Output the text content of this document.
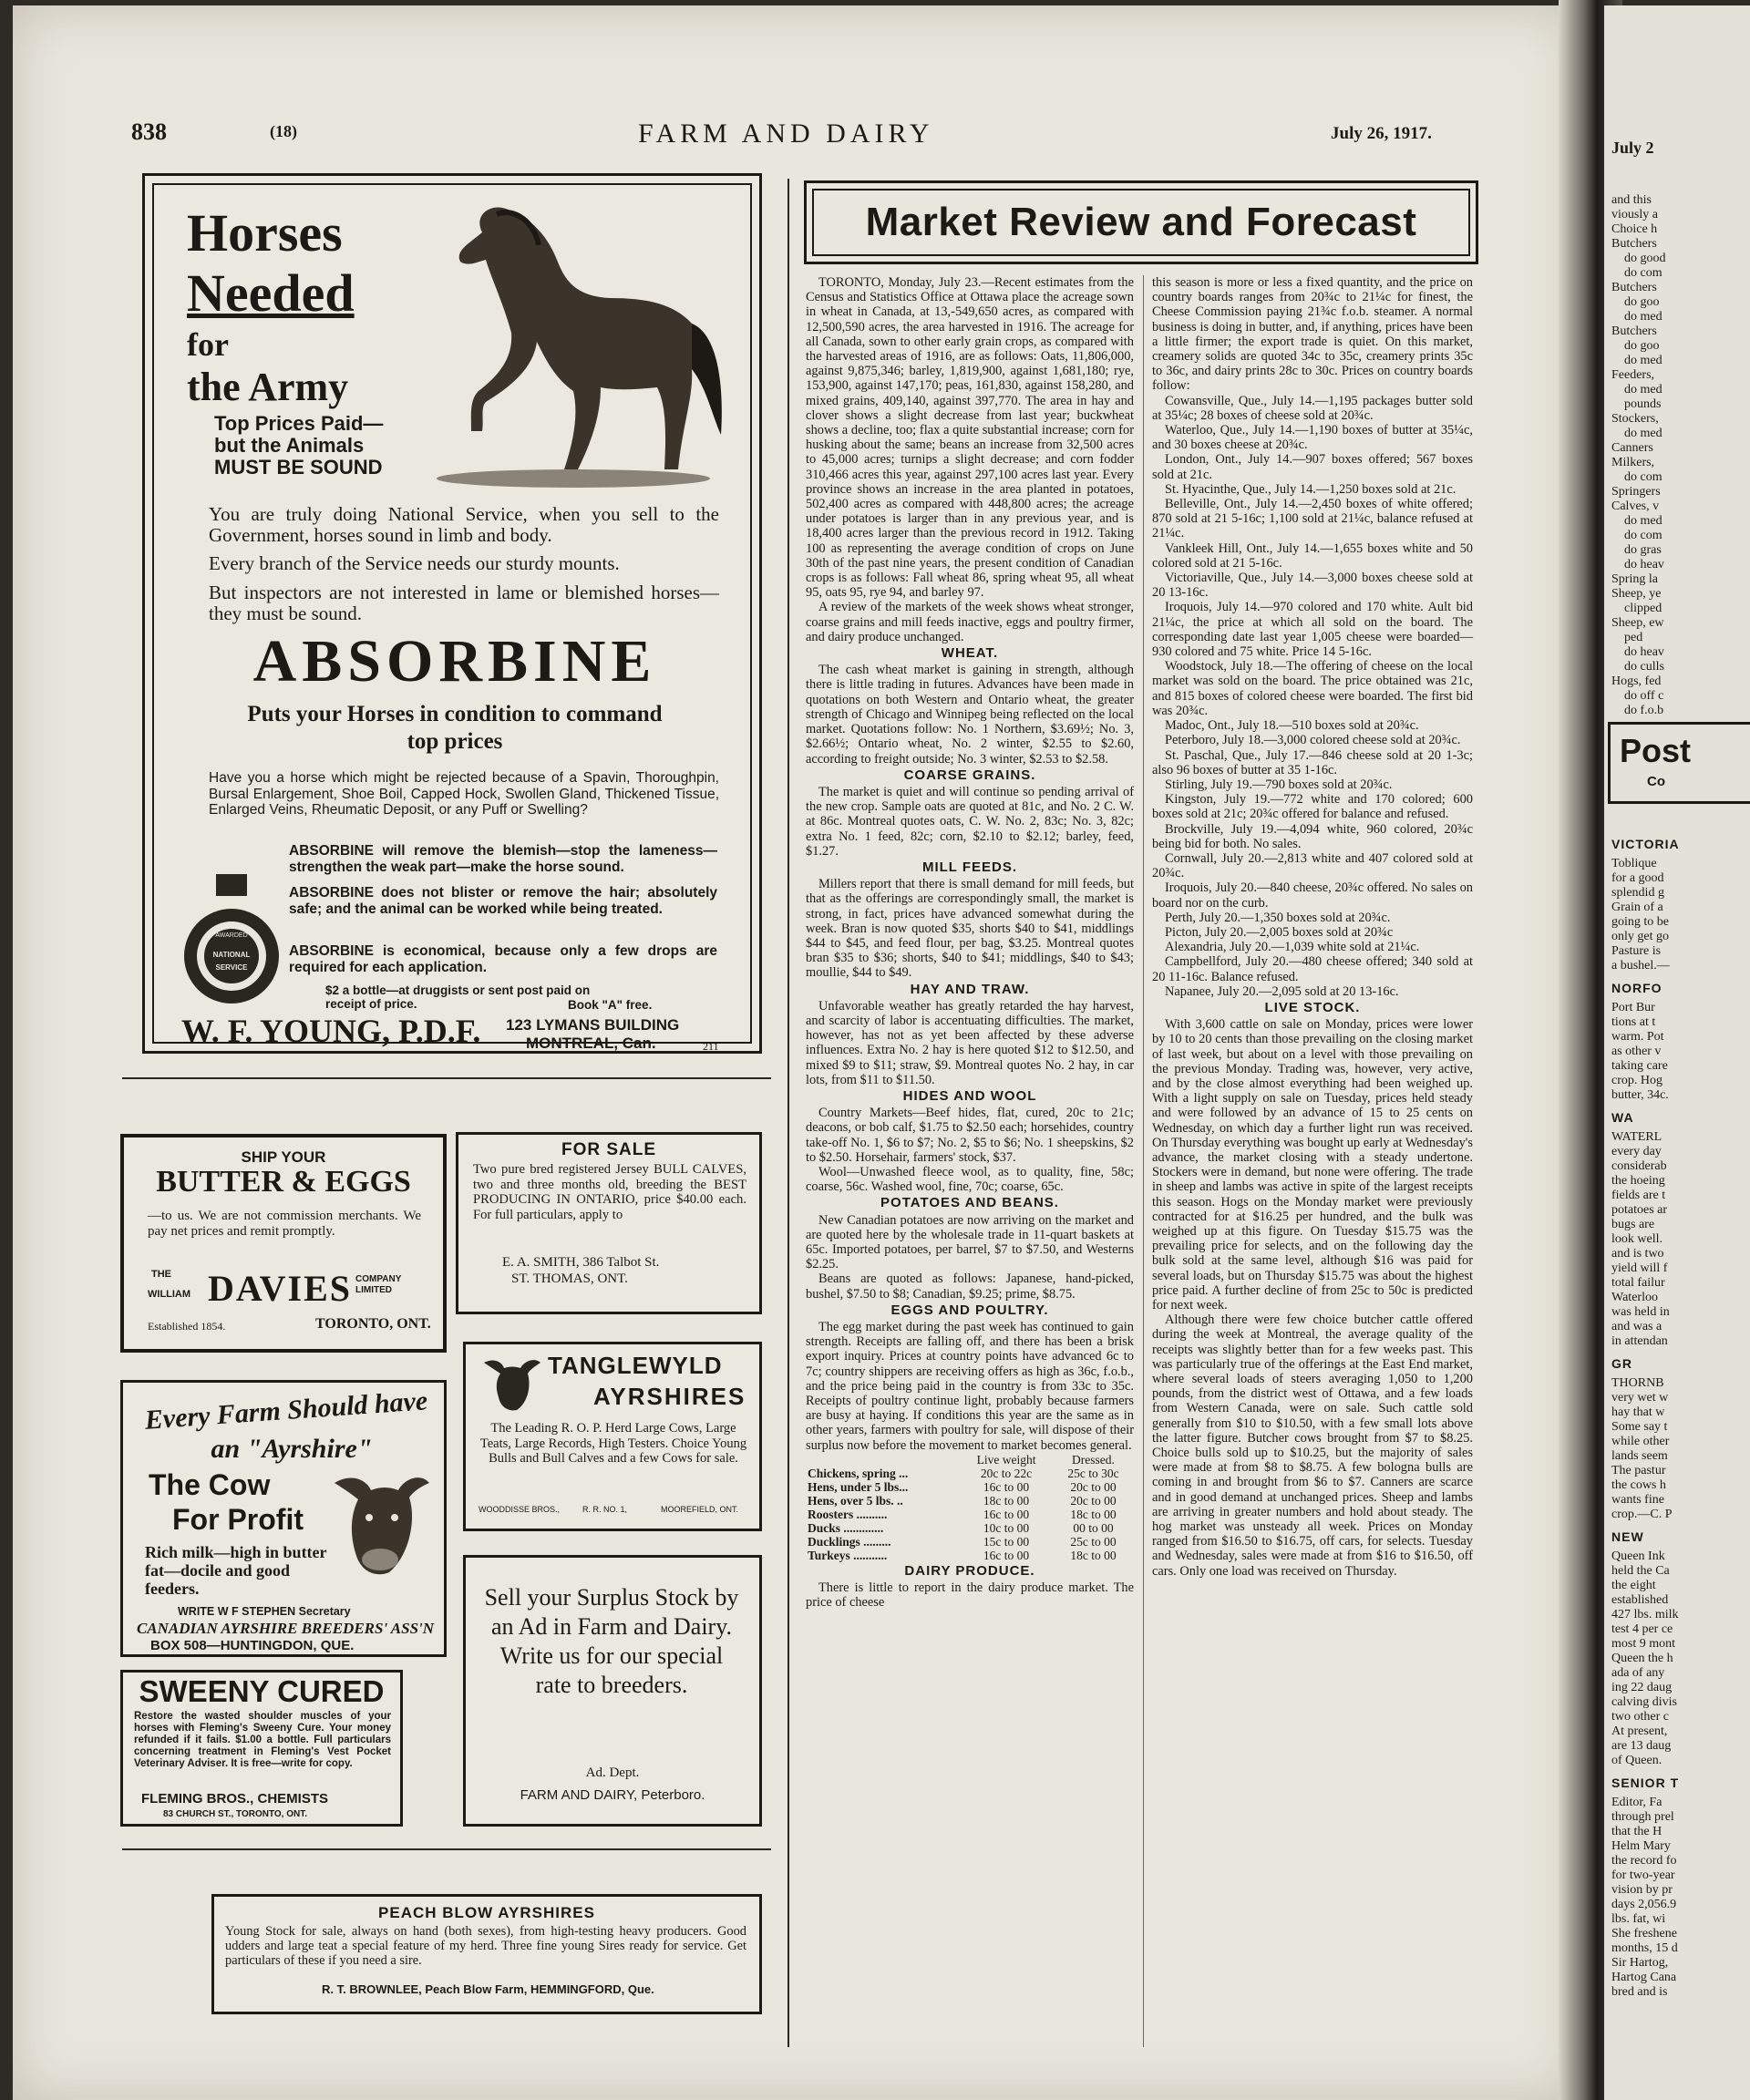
838	(18)	FARM AND DAIRY	July 26, 1917.
Horses
Needed
for
the Army
Top Prices Paid—
but the Animals
MUST BE SOUND
You are truly doing National Service, when you sell to the Government, horses sound in limb and body.
Every branch of the Service needs our sturdy mounts.
But inspectors are not interested in lame or blemished horses—they must be sound.
ABSORBINE
Puts your Horses in condition to command top prices
Have you a horse which might be rejected because of a Spavin, Thoroughpin, Bursal Enlargement, Shoe Boil, Capped Hock, Swollen Gland, Thickened Tissue, Enlarged Veins, Rheumatic Deposit, or any Puff or Swelling?
AWARDED
NATIONAL
SERVICE
ABSORBINE will remove the blemish—stop the lameness—strengthen the weak part—make the horse sound.
ABSORBINE does not blister or remove the hair; absolutely safe; and the animal can be worked while being treated.
ABSORBINE is economical, because only a few drops are required for each application.
$2 a bottle—at druggists or sent post paid on receipt of price.	Book "A" free.
W. F. YOUNG, P.D.F. 123 LYMANS BUILDING
MONTREAL, Can.	211
SHIP YOUR
BUTTER & EGGS
—to us. We are not commission merchants. We pay net prices and remit promptly.
THE
WILLIAM DAVIES COMPANY LIMITED
Established 1854.	TORONTO, ONT.
FOR SALE
Two pure bred registered Jersey BULL CALVES, two and three months old, breeding the BEST PRODUCING IN ONTARIO, price $40.00 each. For full particulars, apply to
E. A. SMITH, 386 Talbot St.
ST. THOMAS, ONT.
Every Farm Should have
an "Ayrshire"
The Cow
For Profit
Rich milk—high in butter fat—docile and good feeders.
WRITE W F STEPHEN Secretary
CANADIAN AYRSHIRE BREEDERS' ASS'N
BOX 508—HUNTINGDON, QUE.
TANGLEWYLD
AYRSHIRES
The Leading R. O. P. Herd Large Cows, Large Teats, Large Records, High Testers. Choice Young Bulls and Bull Calves and a few Cows for sale.
WOODDISSE BROS.,	R. R. NO. 1,	MOOREFIELD, ONT.
SWEENY CURED
Restore the wasted shoulder muscles of your horses with Fleming's Sweeny Cure. Your money refunded if it fails. $1.00 a bottle. Full particulars concerning treatment in Fleming's Vest Pocket Veterinary Adviser. It is free—write for copy.
FLEMING BROS., CHEMISTS
83 CHURCH ST., TORONTO, ONT.
Sell your Surplus Stock by an Ad in Farm and Dairy. Write us for our special rate to breeders.
Ad. Dept.
FARM AND DAIRY, Peterboro.
PEACH BLOW AYRSHIRES
Young Stock for sale, always on hand (both sexes), from high-testing heavy producers. Good udders and large teat a special feature of my herd. Three fine young Sires ready for service. Get particulars of these if you need a sire.
R. T. BROWNLEE, Peach Blow Farm, HEMMINGFORD, Que.
Market Review and Forecast

TORONTO, Monday, July 23.—Recent estimates from the Census and Statistics Office at Ottawa place the acreage sown in wheat in Canada, at 13,-549,650 acres, as compared with 12,500,590 acres, the area harvested in 1916. The acreage for all Canada, sown to other early grain crops, as compared with the harvested areas of 1916, are as follows: Oats, 11,806,000, against 9,875,346; barley, 1,819,900, against 1,681,180; rye, 153,900, against 147,170; peas, 161,830, against 158,280, and mixed grains, 409,140, against 397,770. The area in hay and clover shows a slight decrease from last year; buckwheat shows a decline, too; flax a quite substantial increase; corn for husking about the same; beans an increase from 32,500 acres to 45,000 acres; turnips a slight decrease; and corn fodder 310,466 acres this year, against 297,100 acres last year. Every province shows an increase in the area planted in potatoes, 502,400 acres as compared with 448,800 acres; the acreage under potatoes is larger than in any previous year, and is 18,400 acres larger than the previous record in 1912. Taking 100 as representing the average condition of crops on June 30th of the past nine years, the present condition of Canadian crops is as follows: Fall wheat 86, spring wheat 95, all wheat 95, oats 95, rye 94, and barley 97.

A review of the markets of the week shows wheat stronger, coarse grains and mill feeds inactive, eggs and poultry firmer, and dairy produce unchanged.

WHEAT.

The cash wheat market is gaining in strength, although there is little trading in futures. Advances have been made in quotations on both Western and Ontario wheat, the greater strength of Chicago and Winnipeg being reflected on the local market. Quotations follow: No. 1 Northern, $3.69½; No. 3, $2.66½; Ontario wheat, No. 2 winter, $2.55 to $2.60, according to freight outside; No. 3 winter, $2.53 to $2.58.

COARSE GRAINS.

The market is quiet and will continue so pending arrival of the new crop. Sample oats are quoted at 81c, and No. 2 C. W. at 86c. Montreal quotes oats, C. W. No. 2, 83c; No. 3, 82c; extra No. 1 feed, 82c; corn, $2.10 to $2.12; barley, feed, $1.27.

MILL FEEDS.

Millers report that there is small demand for mill feeds, but that as the offerings are correspondingly small, the market is strong, in fact, prices have advanced somewhat during the week. Bran is now quoted $35, shorts $40 to $41, middlings $44 to $45, and feed flour, per bag, $3.25. Montreal quotes bran $35 to $36; shorts, $40 to $41; middlings, $40 to $43; moullie, $44 to $49.

HAY AND TRAW.

Unfavorable weather has greatly retarded the hay harvest, and scarcity of labor is accentuating difficulties. The market, however, has not as yet been affected by these adverse influences. Extra No. 2 hay is here quoted $12 to $12.50, and mixed $9 to $11; straw, $9. Montreal quotes No. 2 hay, in car lots, from $11 to $11.50.

HIDES AND WOOL

Country Markets—Beef hides, flat, cured, 20c to 21c; deacons, or bob calf, $1.75 to $2.50 each; horsehides, country take-off No. 1, $6 to $7; No. 2, $5 to $6; No. 1 sheepskins, $2 to $2.50. Horsehair, farmers' stock, $37.

Wool—Unwashed fleece wool, as to quality, fine, 58c; coarse, 56c. Washed wool, fine, 70c; coarse, 65c.

POTATOES AND BEANS.

New Canadian potatoes are now arriving on the market and are quoted here by the wholesale trade in 11-quart baskets at 65c. Imported potatoes, per barrel, $7 to $7.50, and Westerns $2.25.

Beans are quoted as follows: Japanese, hand-picked, bushel, $7.50 to $8; Canadian, $9.25; prime, $8.75.

EGGS AND POULTRY.

The egg market during the past week has continued to gain strength. Receipts are falling off, and there has been a brisk export inquiry. Prices at country points have advanced 6c to 7c; country shippers are receiving offers as high as 36c, f.o.b., and the price being paid in the country is from 33c to 35c. Receipts of poultry continue light, probably because farmers are busy at haying. If conditions this year are the same as in other years, farmers with poultry for sale, will dispose of their surplus now before the movement to market becomes general.

	Live weight	Dressed.
Chickens, spring ...	20c to 22c	25c to 30c
Hens, under 5 lbs...	16c to 00	20c to 00
Hens, over 5 lbs. ..	18c to 00	20c to 00
Roosters ..........	16c to 00	18c to 00
Ducks .............	10c to 00	00 to 00
Ducklings .........	15c to 00	25c to 00
Turkeys ...........	16c to 00	18c to 00
DAIRY PRODUCE.

There is little to report in the dairy produce market. The price of cheese

this season is more or less a fixed quantity, and the price on country boards ranges from 20¾c to 21¼c for finest, the Cheese Commission paying 21¾c f.o.b. steamer. A normal business is doing in butter, and, if anything, prices have been a little firmer; the export trade is quiet. On this market, creamery solids are quoted 34c to 35c, creamery prints 35c to 36c, and dairy prints 28c to 30c. Prices on country boards follow:

Cowansville, Que., July 14.—1,195 packages butter sold at 35¼c; 28 boxes of cheese sold at 20¾c.

Waterloo, Que., July 14.—1,190 boxes of butter at 35¼c, and 30 boxes cheese at 20¾c.

London, Ont., July 14.—907 boxes offered; 567 boxes sold at 21c.

St. Hyacinthe, Que., July 14.—1,250 boxes sold at 21c.

Belleville, Ont., July 14.—2,450 boxes of white offered; 870 sold at 21 5-16c; 1,100 sold at 21¼c, balance refused at 21¼c.

Vankleek Hill, Ont., July 14.—1,655 boxes white and 50 colored sold at 21 5-16c.

Victoriaville, Que., July 14.—3,000 boxes cheese sold at 20 13-16c.

Iroquois, July 14.—970 colored and 170 white. Ault bid 21¼c, the price at which all sold on the board. The corresponding date last year 1,005 cheese were boarded—930 colored and 75 white. Price 14 5-16c.

Woodstock, July 18.—The offering of cheese on the local market was sold on the board. The price obtained was 21c, and 815 boxes of colored cheese were boarded. The first bid was 20¾c.

Madoc, Ont., July 18.—510 boxes sold at 20¾c.

Peterboro, July 18.—3,000 colored cheese sold at 20¾c.

St. Paschal, Que., July 17.—846 cheese sold at 20 1-3c; also 96 boxes of butter at 35 1-16c.

Stirling, July 19.—790 boxes sold at 20¾c.

Kingston, July 19.—772 white and 170 colored; 600 boxes sold at 21c; 20¾c offered for balance and refused.

Brockville, July 19.—4,094 white, 960 colored, 20¾c being bid for both. No sales.

Cornwall, July 20.—2,813 white and 407 colored sold at 20¾c.

Iroquois, July 20.—840 cheese, 20¾c offered. No sales on board nor on the curb.

Perth, July 20.—1,350 boxes sold at 20¾c.

Picton, July 20.—2,005 boxes sold at 20¾c

Alexandria, July 20.—1,039 white sold at 21¼c.

Campbellford, July 20.—480 cheese offered; 340 sold at 20 11-16c. Balance refused.

Napanee, July 20.—2,095 sold at 20 13-16c.

LIVE STOCK.

With 3,600 cattle on sale on Monday, prices were lower by 10 to 20 cents than those prevailing on the closing market of last week, but about on a level with those prevailing on the previous Monday. Trading was, however, very active, and by the close almost everything had been weighed up. With a light supply on sale on Tuesday, prices held steady and were followed by an advance of 15 to 25 cents on Wednesday, on which day a further light run was received. On Thursday everything was bought up early at Wednesday's advance, the market closing with a steady undertone. Stockers were in demand, but none were offering. The trade in sheep and lambs was active in spite of the largest receipts this season. Hogs on the Monday market were previously contracted for at $16.25 per hundred, and the bulk was weighed up at this figure. On Tuesday $15.75 was the prevailing price for selects, and on the following day the bulk sold at the same level, although $16 was paid for several loads, but on Thursday $15.75 was about the highest price paid. A further decline of from 25c to 50c is predicted for next week.

Although there were few choice butcher cattle offered during the week at Montreal, the average quality of the receipts was slightly better than for a few weeks past. This was particularly true of the offerings at the East End market, where several loads of steers averaging 1,050 to 1,200 pounds, from the district west of Ottawa, and a few loads from Western Canada, were on sale. Such cattle sold generally from $10 to $10.50, with a few small lots above the latter figure. Butcher cows brought from $7 to $8.25. Choice bulls sold up to $10.25, but the majority of sales were made at from $8 to $8.75. A few bologna bulls are coming in and brought from $6 to $7. Canners are scarce and in good demand at unchanged prices. Sheep and lambs are arriving in greater numbers and hold about steady. The hog market was unsteady all week. Prices on Monday ranged from $16.50 to $16.75, off cars, for selects. Tuesday and Wednesday, sales were made at from $16 to $16.50, off cars. Only one load was received on Thursday.

July 2
and this
viously a
Choice h
Butchers
do good
do com
Butchers
do goo
do med
Butchers
do goo
do med
Feeders,
do med
pounds
Stockers,
do med
Canners
Milkers,
do com
Springers
Calves, v
do med
do com
do gras
do heav
Spring la
Sheep, ye
clipped
Sheep, ew
ped
do heav
do culls
Hogs, fed
do off c
do f.o.b
Post
Co
VICTORIA
Toblique
for a good
splendid g
Grain of a
going to be
only get go
Pasture is
a bushel.—
NORFO
Port Bur
tions at t
warm. Pot
as other v
taking care
crop. Hog
butter, 34c.
WA
WATERL
every day
considerab
the hoeing
fields are t
potatoes ar
bugs are
look well.
and is two
yield will f
total failur
Waterloo
was held in
and was a
in attendan
GR
THORNB
very wet w
hay that w
Some say t
while other
lands seem
The pastur
the cows h
wants fine
crop.—C. P
NEW
Queen Ink
held the Ca
the eight
established
427 lbs. milk
test 4 per ce
most 9 mont
Queen the h
ada of any
ing 22 daug
calving divis
two other c
At present,
are 13 daug
of Queen.
SENIOR T
Editor, Fa
through prel
that the H
Helm Mary
the record fo
for two-year
vision by pr
days 2,056.9
lbs. fat, wi
She freshene
months, 15 d
Sir Hartog,
Hartog Cana
bred and is
